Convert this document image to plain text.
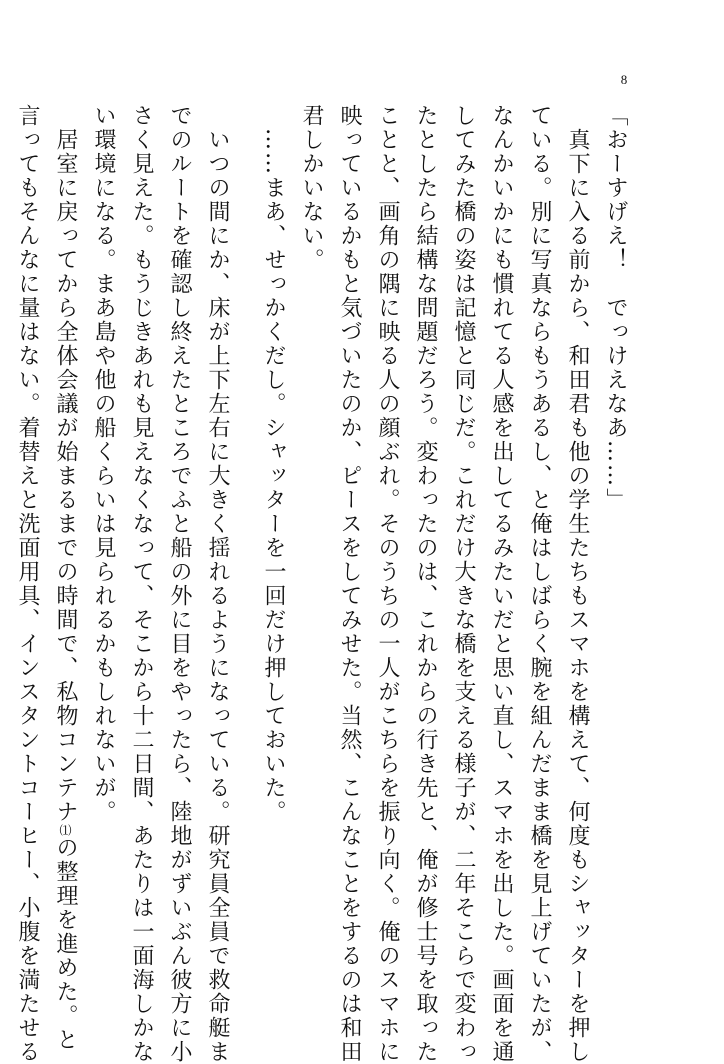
8
「おーすげえ！　でっけえなあ……」
　真下に入る前から、和田君も他の学生たちもスマホを構えて、何度もシャッターを押し
ている。別に写真ならもうあるし、と俺はしばらく腕を組んだまま橋を見上げていたが、
なんかいかにも慣れてる人感を出してるみたいだと思い直し、スマホを出した。画面を通
してみた橋の姿は記憶と同じだ。これだけ大きな橋を支える様子が、二年そこらで変わっ
たとしたら結構な問題だろう。変わったのは、これからの行き先と、俺が修士号を取った
ことと、画角の隅に映る人の顔ぶれ。そのうちの一人がこちらを振り向く。俺のスマホに
映っているかもと気づいたのか、ピースをしてみせた。当然、こんなことをするのは和田
君しかいない。
　……まあ、せっかくだし。シャッターを一回だけ押しておいた。
　いつの間にか、床が上下左右に大きく揺れるようになっている。研究員全員で救命艇ま
でのルートを確認し終えたところでふと船の外に目をやったら、陸地がずいぶん彼方に小
さく見えた。もうじきあれも見えなくなって、そこから十二日間、あたりは一面海しかな
い環境になる。まあ島や他の船くらいは見られるかもしれないが。
　居室に戻ってから全体会議が始まるまでの時間で、私物コンテナ⑴の整理を進めた。と
言ってもそんなに量はない。着替えと洗面用具、インスタントコーヒー、小腹を満たせる
